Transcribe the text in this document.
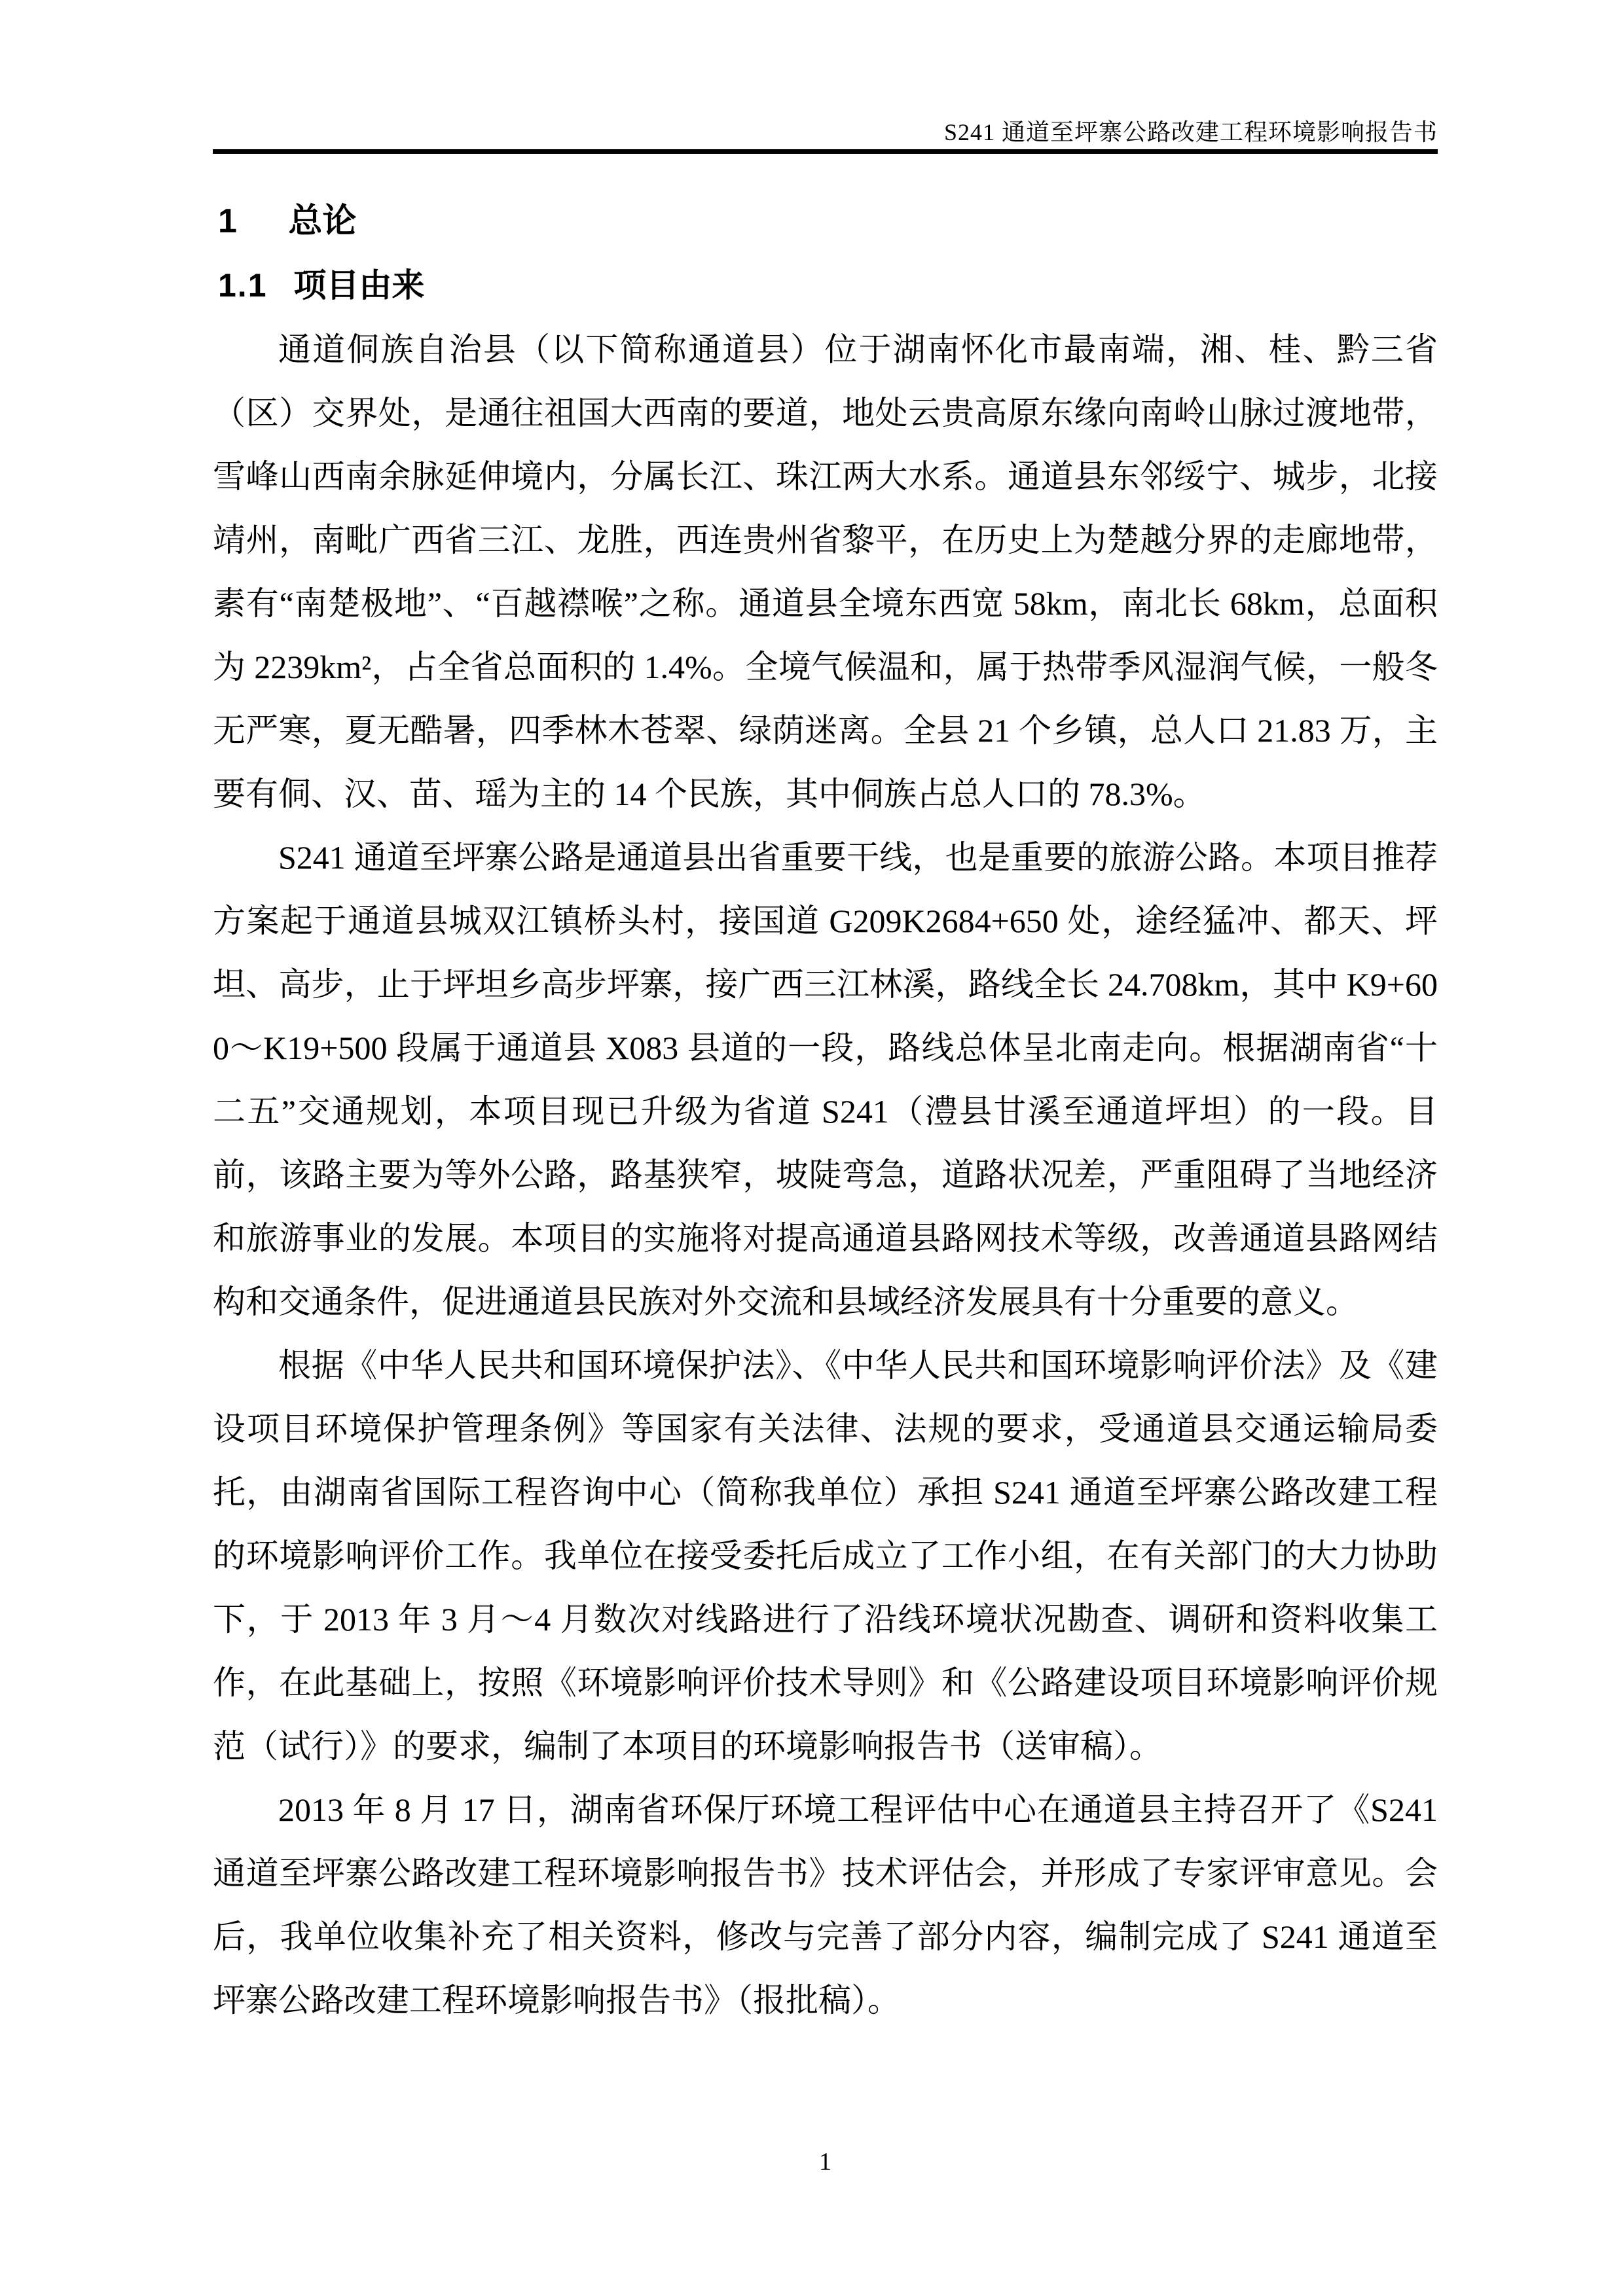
S241 通道至坪寨公路改建工程环境影响报告书
1 总论
1.1 项目由来

通道侗族自治县（以下简称通道县）位于湖南怀化市最南端，湘、桂、黔三省（区）交界处，是通往祖国大西南的要道，地处云贵高原东缘向南岭山脉过渡地带，雪峰山西南余脉延伸境内，分属长江、珠江两大水系。通道县东邻绥宁、城步，北接靖州，南毗广西省三江、龙胜，西连贵州省黎平，在历史上为楚越分界的走廊地带，素有“南楚极地”、“百越襟喉”之称。通道县全境东西宽 58km，南北长 68km，总面积为 2239km²，占全省总面积的 1.4%。全境气候温和，属于热带季风湿润气候，一般冬无严寒，夏无酷暑，四季林木苍翠、绿荫迷离。全县 21 个乡镇，总人口 21.83 万，主要有侗、汉、苗、瑶为主的 14 个民族，其中侗族占总人口的 78.3%。

S241 通道至坪寨公路是通道县出省重要干线，也是重要的旅游公路。本项目推荐方案起于通道县城双江镇桥头村，接国道 G209K2684+650 处，途经猛冲、都天、坪坦、高步，止于坪坦乡高步坪寨，接广西三江林溪，路线全长 24.708km，其中 K9+600～K19+500 段属于通道县 X083 县道的一段，路线总体呈北南走向。根据湖南省“十二五”交通规划，本项目现已升级为省道 S241（澧县甘溪至通道坪坦）的一段。目前，该路主要为等外公路，路基狭窄，坡陡弯急，道路状况差，严重阻碍了当地经济和旅游事业的发展。本项目的实施将对提高通道县路网技术等级，改善通道县路网结构和交通条件，促进通道县民族对外交流和县域经济发展具有十分重要的意义。

根据《中华人民共和国环境保护法》、《中华人民共和国环境影响评价法》及《建设项目环境保护管理条例》等国家有关法律、法规的要求，受通道县交通运输局委托，由湖南省国际工程咨询中心（简称我单位）承担 S241 通道至坪寨公路改建工程的环境影响评价工作。我单位在接受委托后成立了工作小组，在有关部门的大力协助下，于 2013 年 3 月～4 月数次对线路进行了沿线环境状况勘查、调研和资料收集工作，在此基础上，按照《环境影响评价技术导则》和《公路建设项目环境影响评价规范（试行）》的要求，编制了本项目的环境影响报告书（送审稿）。

2013 年 8 月 17 日，湖南省环保厅环境工程评估中心在通道县主持召开了《S241 通道至坪寨公路改建工程环境影响报告书》技术评估会，并形成了专家评审意见。会后，我单位收集补充了相关资料，修改与完善了部分内容，编制完成了 S241 通道至坪寨公路改建工程环境影响报告书》（报批稿）。

1
